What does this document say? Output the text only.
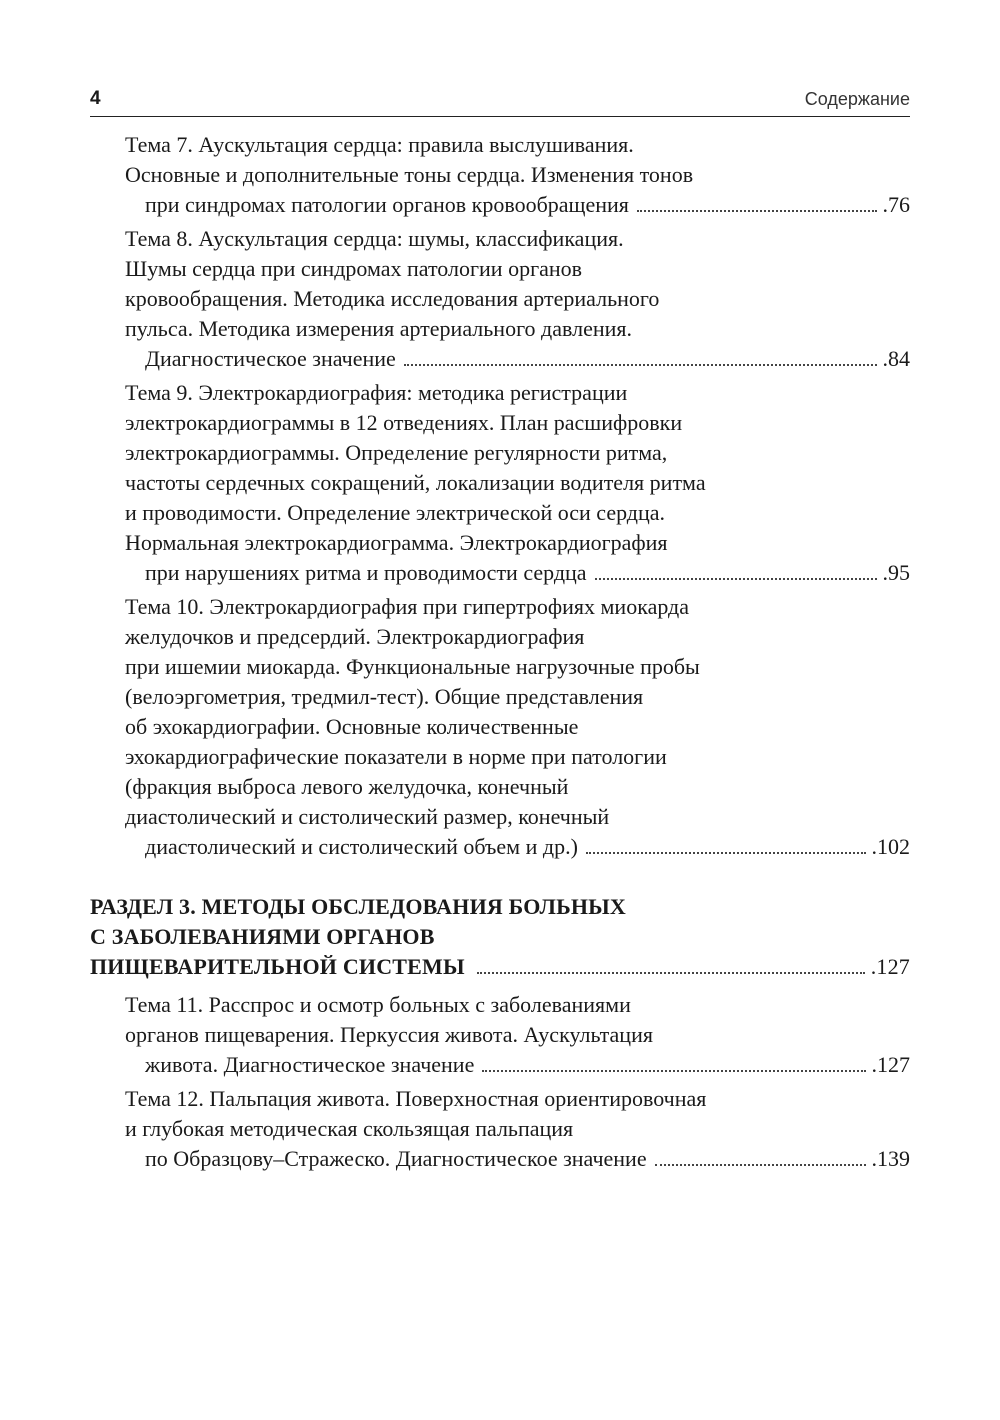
4	Содержание
Тема 7. Аускультация сердца: правила выслушивания.
Основные и дополнительные тоны сердца. Изменения тонов
при синдромах патологии органов кровообращения	.76
Тема 8. Аускультация сердца: шумы, классификация.
Шумы сердца при синдромах патологии органов
кровообращения. Методика исследования артериального
пульса. Методика измерения артериального давления.
Диагностическое значение	.84
Тема 9. Электрокардиография: методика регистрации
электрокардиограммы в 12 отведениях. План расшифровки
электрокардиограммы. Определение регулярности ритма,
частоты сердечных сокращений, локализации водителя ритма
и проводимости. Определение электрической оси сердца.
Нормальная электрокардиограмма. Электрокардиография
при нарушениях ритма и проводимости сердца	.95
Тема 10. Электрокардиография при гипертрофиях миокарда
желудочков и предсердий. Электрокардиография
при ишемии миокарда. Функциональные нагрузочные пробы
(велоэргометрия, тредмил-тест). Общие представления
об эхокардиографии. Основные количественные
эхокардиографические показатели в норме при патологии
(фракция выброса левого желудочка, конечный
диастолический и систолический размер, конечный
диастолический и систолический объем и др.)	.102
РАЗДЕЛ 3. МЕТОДЫ ОБСЛЕДОВАНИЯ БОЛЬНЫХ
С ЗАБОЛЕВАНИЯМИ ОРГАНОВ
ПИЩЕВАРИТЕЛЬНОЙ СИСТЕМЫ	.127
Тема 11. Расспрос и осмотр больных с заболеваниями
органов пищеварения. Перкуссия живота. Аускультация
живота. Диагностическое значение	.127
Тема 12. Пальпация живота. Поверхностная ориентировочная
и глубокая методическая скользящая пальпация
по Образцову–Стражеско. Диагностическое значение	.139
